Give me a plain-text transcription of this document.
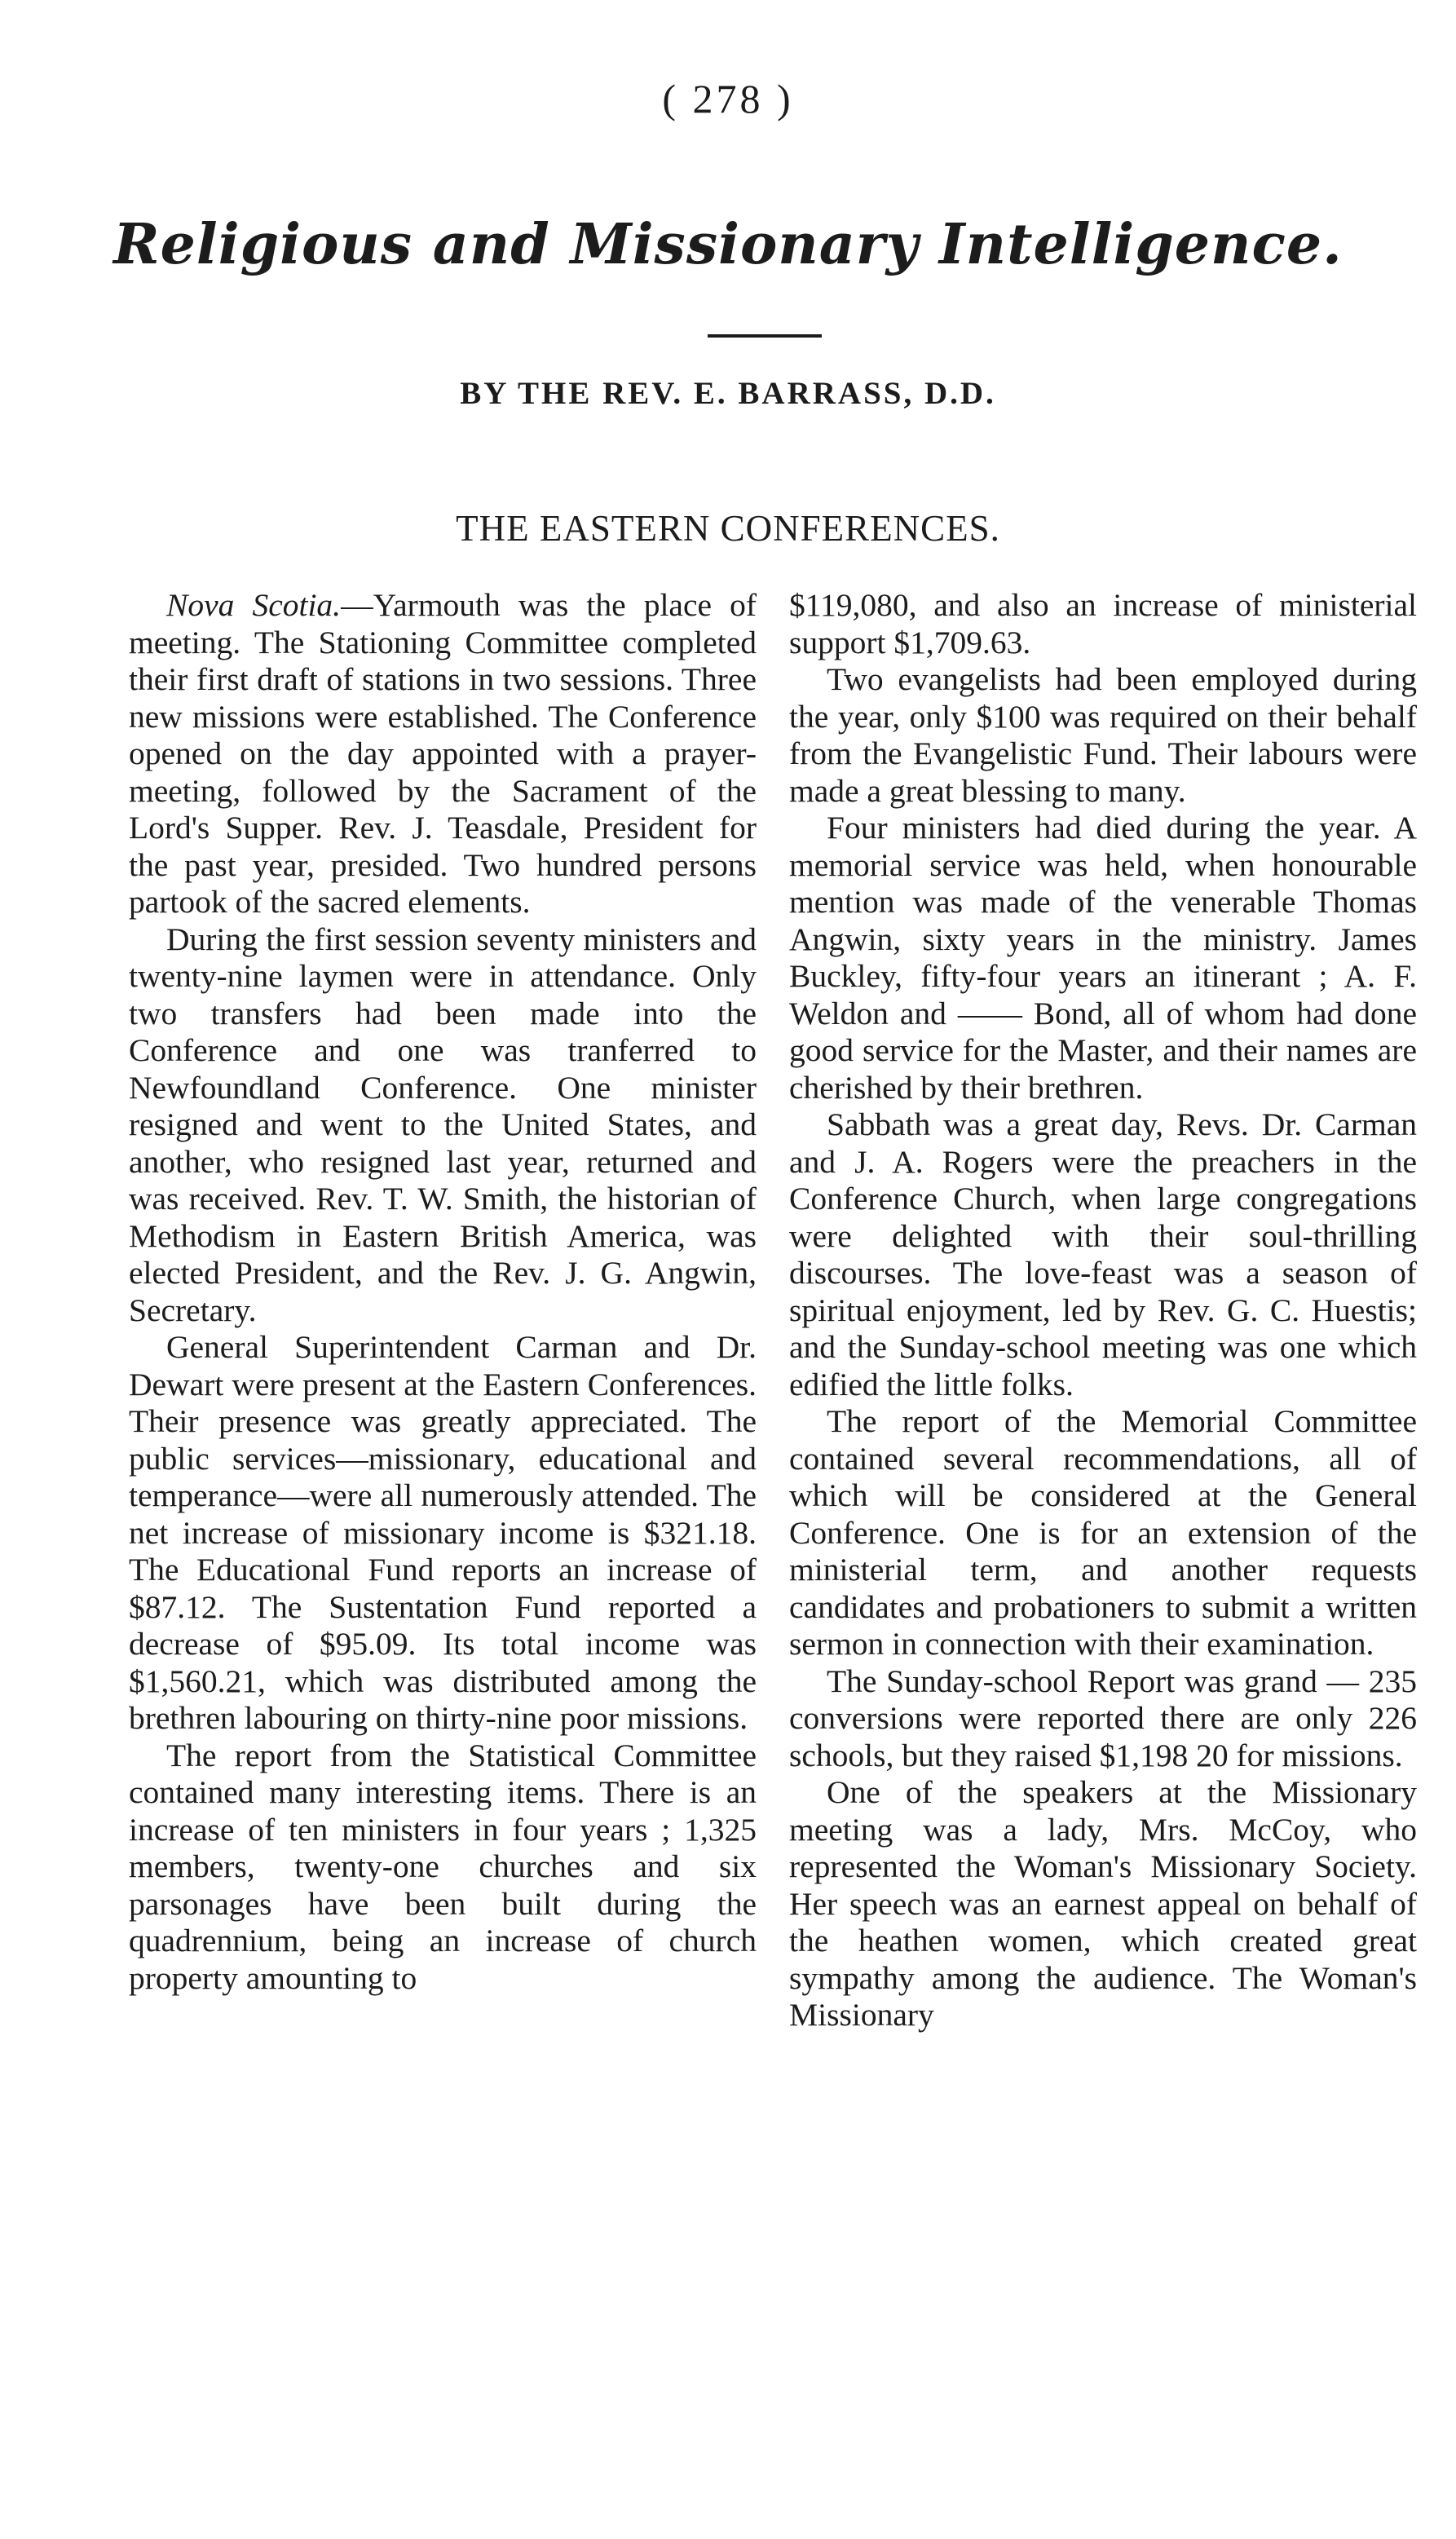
( 278 )
Religious and Missionary Intelligence.
BY THE REV. E. BARRASS, D.D.
THE EASTERN CONFERENCES.

Nova Scotia.—Yarmouth was the place of meeting. The Stationing Committee completed their first draft of stations in two sessions. Three new missions were established. The Conference opened on the day appointed with a prayer-meeting, followed by the Sacrament of the Lord's Supper. Rev. J. Teasdale, President for the past year, presided. Two hundred persons partook of the sacred elements.

During the first session seventy ministers and twenty-nine laymen were in attendance. Only two transfers had been made into the Conference and one was tranferred to Newfoundland Conference. One minister resigned and went to the United States, and another, who resigned last year, returned and was received. Rev. T. W. Smith, the historian of Methodism in Eastern British America, was elected President, and the Rev. J. G. Angwin, Secretary.

General Superintendent Carman and Dr. Dewart were present at the Eastern Conferences. Their presence was greatly appreciated. The public services—missionary, educational and temperance—were all numerously attended. The net increase of missionary income is $321.18. The Educational Fund reports an increase of $87.12. The Sustentation Fund reported a decrease of $95.09. Its total income was $1,560.21, which was distributed among the brethren labouring on thirty-nine poor missions.

The report from the Statistical Committee contained many interesting items. There is an increase of ten ministers in four years ; 1,325 members, twenty-one churches and six parsonages have been built during the quadrennium, being an increase of church property amounting to

$119,080, and also an increase of ministerial support $1,709.63.

Two evangelists had been employed during the year, only $100 was required on their behalf from the Evangelistic Fund. Their labours were made a great blessing to many.

Four ministers had died during the year. A memorial service was held, when honourable mention was made of the venerable Thomas Angwin, sixty years in the ministry. James Buckley, fifty-four years an itinerant ; A. F. Weldon and —— Bond, all of whom had done good service for the Master, and their names are cherished by their brethren.

Sabbath was a great day, Revs. Dr. Carman and J. A. Rogers were the preachers in the Conference Church, when large congregations were delighted with their soul-thrilling discourses. The love-feast was a season of spiritual enjoyment, led by Rev. G. C. Huestis; and the Sunday-school meeting was one which edified the little folks.

The report of the Memorial Committee contained several recommendations, all of which will be considered at the General Conference. One is for an extension of the ministerial term, and another requests candidates and probationers to submit a written sermon in connection with their examination.

The Sunday-school Report was grand — 235 conversions were reported there are only 226 schools, but they raised $1,198 20 for missions.

One of the speakers at the Missionary meeting was a lady, Mrs. McCoy, who represented the Woman's Missionary Society. Her speech was an earnest appeal on behalf of the heathen women, which created great sympathy among the audience. The Woman's Missionary
